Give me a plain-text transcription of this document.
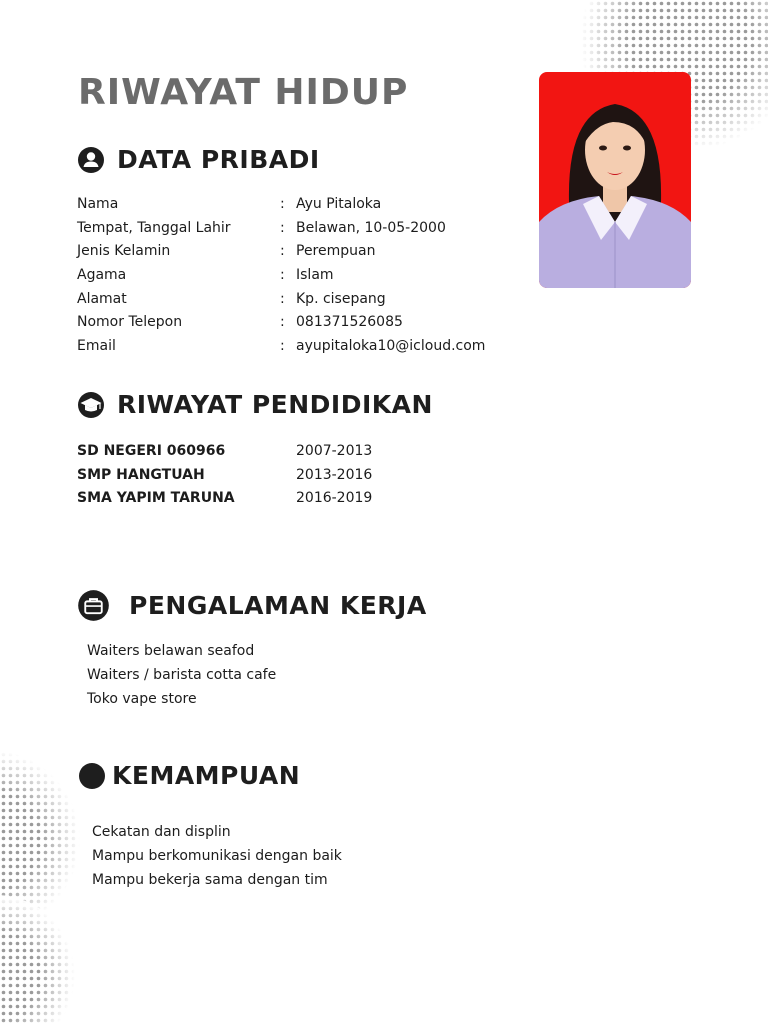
RIWAYAT HIDUP
DATA PRIBADI
Nama	: Ayu Pitaloka
Tempat, Tanggal Lahir	: Belawan, 10-05-2000
Jenis Kelamin	: Perempuan
Agama	: Islam
Alamat	: Kp. cisepang
Nomor Telepon	: 081371526085
Email	: ayupitaloka10@icloud.com
RIWAYAT PENDIDIKAN
SD NEGERI 060966	2007-2013
SMP HANGTUAH	2013-2016
SMA YAPIM TARUNA	2016-2019
PENGALAMAN KERJA
Waiters belawan seafod
Waiters / barista cotta cafe
Toko vape store
KEMAMPUAN
Cekatan dan displin
Mampu berkomunikasi dengan baik
Mampu bekerja sama dengan tim
